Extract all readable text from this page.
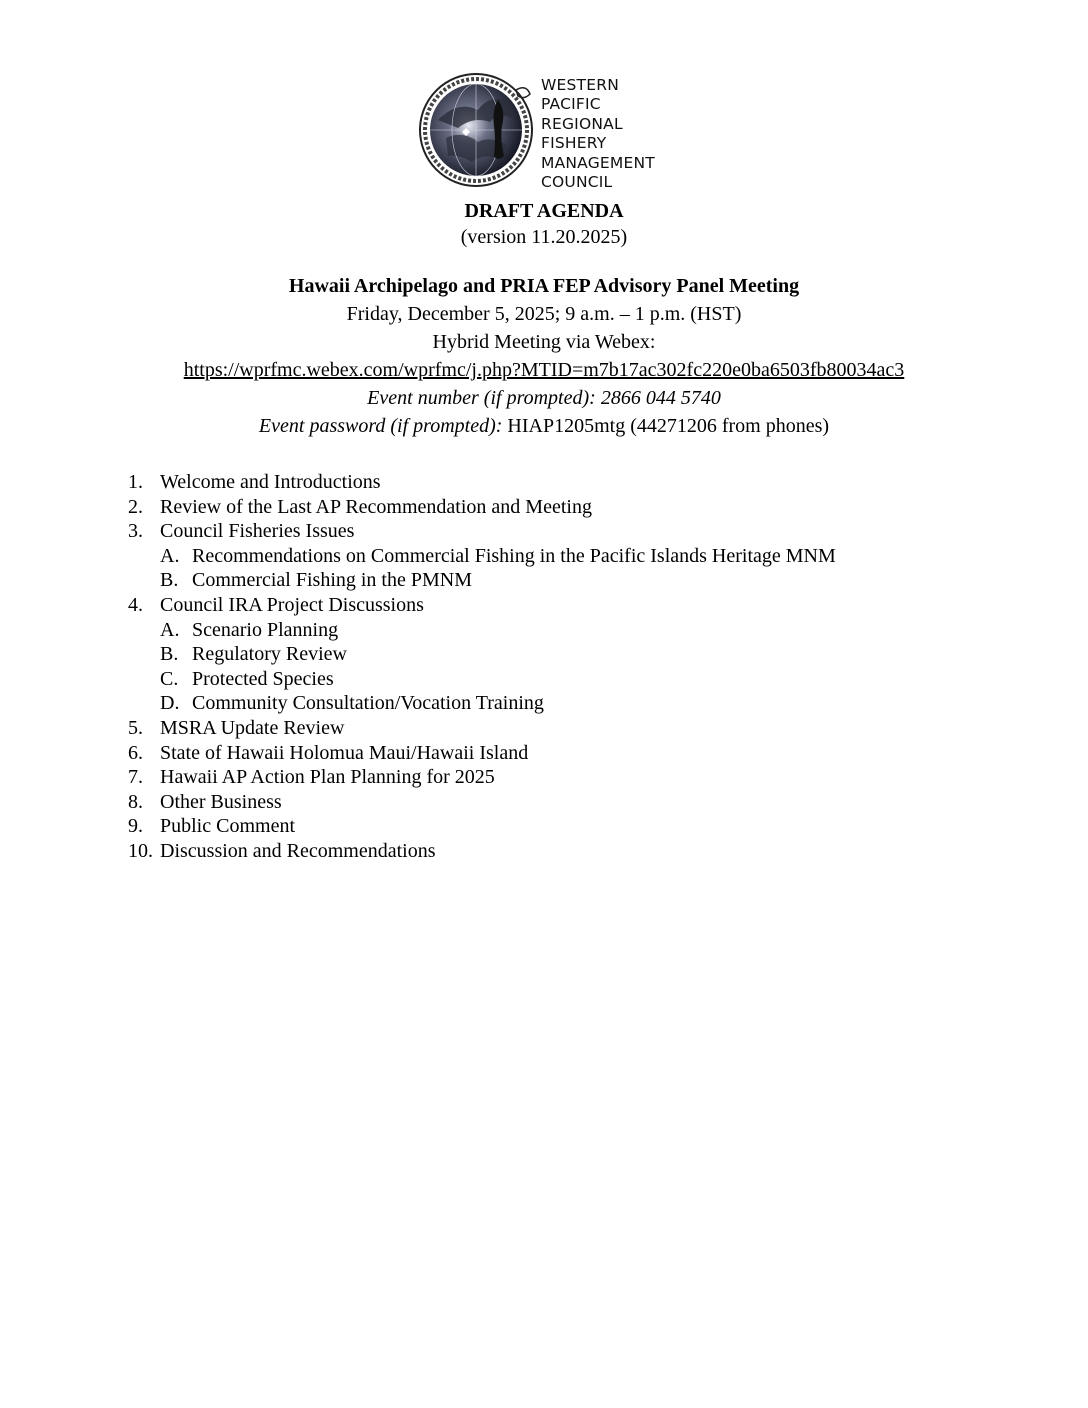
WESTERN
PACIFIC
REGIONAL
FISHERY
MANAGEMENT
COUNCIL
DRAFT AGENDA
(version 11.20.2025)
Hawaii Archipelago and PRIA FEP Advisory Panel Meeting
Friday, December 5, 2025; 9 a.m. – 1 p.m. (HST)
Hybrid Meeting via Webex:
https://wprfmc.webex.com/wprfmc/j.php?MTID=m7b17ac302fc220e0ba6503fb80034ac3
Event number (if prompted): 2866 044 5740
Event password (if prompted): HIAP1205mtg (44271206 from phones)
1. Welcome and Introductions
2. Review of the Last AP Recommendation and Meeting
3. Council Fisheries Issues
A. Recommendations on Commercial Fishing in the Pacific Islands Heritage MNM
B. Commercial Fishing in the PMNM
4. Council IRA Project Discussions
A. Scenario Planning
B. Regulatory Review
C. Protected Species
D. Community Consultation/Vocation Training
5. MSRA Update Review
6. State of Hawaii Holomua Maui/Hawaii Island
7. Hawaii AP Action Plan Planning for 2025
8. Other Business
9. Public Comment
10. Discussion and Recommendations
